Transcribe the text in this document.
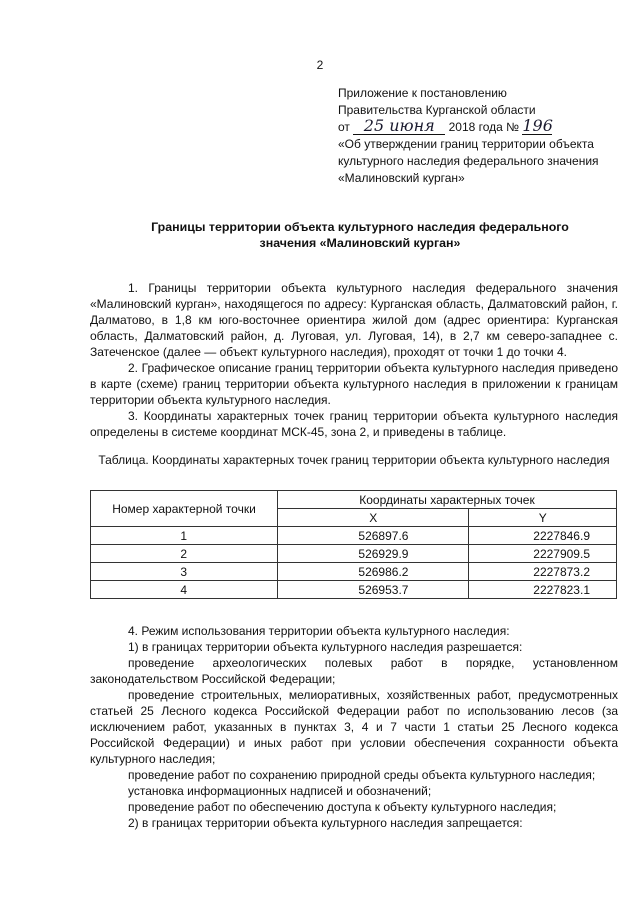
2
Приложение к постановлению
Правительства Курганской области
от 25 июня 2018 года № 196
«Об утверждении границ территории объекта
культурного наследия федерального значения
«Малиновский курган»
Границы территории объекта культурного наследия федерального
значения «Малиновский курган»

1. Границы территории объекта культурного наследия федерального значения «Малиновский курган», находящегося по адресу: Курганская область, Далматовский район, г. Далматово, в 1,8 км юго-восточнее ориентира жилой дом (адрес ориентира: Курганская область, Далматовский район, д. Луговая, ул. Луговая, 14), в 2,7 км северо-западнее с. Затеченское (далее — объект культурного наследия), проходят от точки 1 до точки 4.

2. Графическое описание границ территории объекта культурного наследия приведено в карте (схеме) границ территории объекта культурного наследия в приложении к границам территории объекта культурного наследия.

3. Координаты характерных точек границ территории объекта культурного наследия определены в системе координат МСК-45, зона 2, и приведены в таблице.

Таблица. Координаты характерных точек границ территории объекта культурного наследия

Номер характерной точки	Координаты характерных точек	
	X	Y
1	526897.6	2227846.9
2	526929.9	2227909.5
3	526986.2	2227873.2
4	526953.7	2227823.1

4. Режим использования территории объекта культурного наследия:

1) в границах территории объекта культурного наследия разрешается:

проведение археологических полевых работ в порядке, установленном законодательством Российской Федерации;

проведение строительных, мелиоративных, хозяйственных работ, предусмотренных статьей 25 Лесного кодекса Российской Федерации работ по использованию лесов (за исключением работ, указанных в пунктах 3, 4 и 7 части 1 статьи 25 Лесного кодекса Российской Федерации) и иных работ при условии обеспечения сохранности объекта культурного наследия;

проведение работ по сохранению природной среды объекта культурного наследия;

установка информационных надписей и обозначений;

проведение работ по обеспечению доступа к объекту культурного наследия;

2) в границах территории объекта культурного наследия запрещается:
